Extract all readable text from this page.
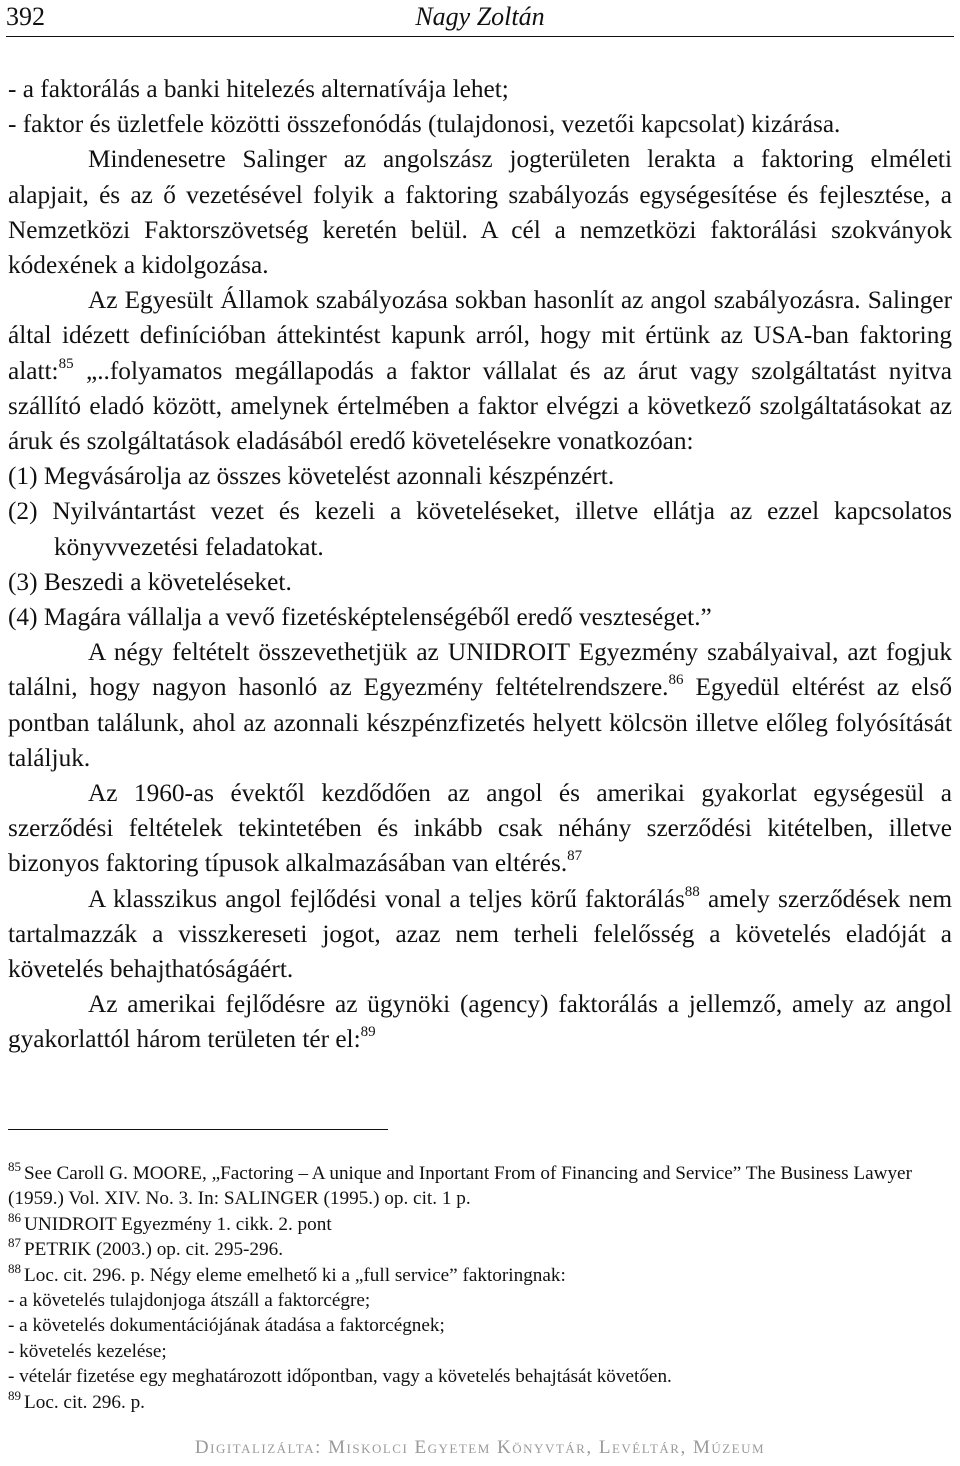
392	Nagy Zoltán

- a faktorálás a banki hitelezés alternatívája lehet;

- faktor és üzletfele közötti összefonódás (tulajdonosi, vezetői kapcsolat) kizárása.

Mindenesetre Salinger az angolszász jogterületen lerakta a faktoring elméleti alapjait, és az ő vezetésével folyik a faktoring szabályozás egységesítése és fejlesztése, a Nemzetközi Faktorszövetség keretén belül. A cél a nemzetközi faktorálási szokványok kódexének a kidolgozása.

Az Egyesült Államok szabályozása sokban hasonlít az angol szabályozásra. Salinger által idézett definícióban áttekintést kapunk arról, hogy mit értünk az USA-ban faktoring alatt:$^{85}$ „..folyamatos megállapodás a faktor vállalat és az árut vagy szolgáltatást nyitva szállító eladó között, amelynek értelmében a faktor elvégzi a következő szolgáltatásokat az áruk és szolgáltatások eladásából eredő követelésekre vonatkozóan:

(1) Megvásárolja az összes követelést azonnali készpénzért.

(2) Nyilvántartást vezet és kezeli a követeléseket, illetve ellátja az ezzel kapcsolatos könyvvezetési feladatokat.

(3) Beszedi a követeléseket.

(4) Magára vállalja a vevő fizetésképtelenségéből eredő veszteséget.”

A négy feltételt összevethetjük az UNIDROIT Egyezmény szabályaival, azt fogjuk találni, hogy nagyon hasonló az Egyezmény feltételrendszere.$^{86}$ Egyedül eltérést az első pontban találunk, ahol az azonnali készpénzfizetés helyett kölcsön illetve előleg folyósítását találjuk.

Az 1960-as évektől kezdődően az angol és amerikai gyakorlat egységesül a szerződési feltételek tekintetében és inkább csak néhány szerződési kitételben, illetve bizonyos faktoring típusok alkalmazásában van eltérés.$^{87}$

A klasszikus angol fejlődési vonal a teljes körű faktorálás$^{88}$ amely szerződések nem tartalmazzák a visszkereseti jogot, azaz nem terheli felelősség a követelés eladóját a követelés behajthatóságáért.

Az amerikai fejlődésre az ügynöki (agency) faktorálás a jellemző, amely az angol gyakorlattól három területen tér el:$^{89}$

$^{85}$ See Caroll G. MOORE, „Factoring – A unique and Inportant From of Financing and Service” The Business Lawyer (1959.) Vol. XIV. No. 3. In: SALINGER (1995.) op. cit. 1 p.

$^{86}$ UNIDROIT Egyezmény 1. cikk. 2. pont

$^{87}$ PETRIK (2003.) op. cit. 295-296.

$^{88}$ Loc. cit. 296. p. Négy eleme emelhető ki a „full service” faktoringnak:

- a követelés tulajdonjoga átszáll a faktorcégre;

- a követelés dokumentációjának átadása a faktorcégnek;

- követelés kezelése;

- vételár fizetése egy meghatározott időpontban, vagy a követelés behajtását követően.

$^{89}$ Loc. cit. 296. p.

Digitalizálta: Miskolci Egyetem Könyvtár, Levéltár, Múzeum
